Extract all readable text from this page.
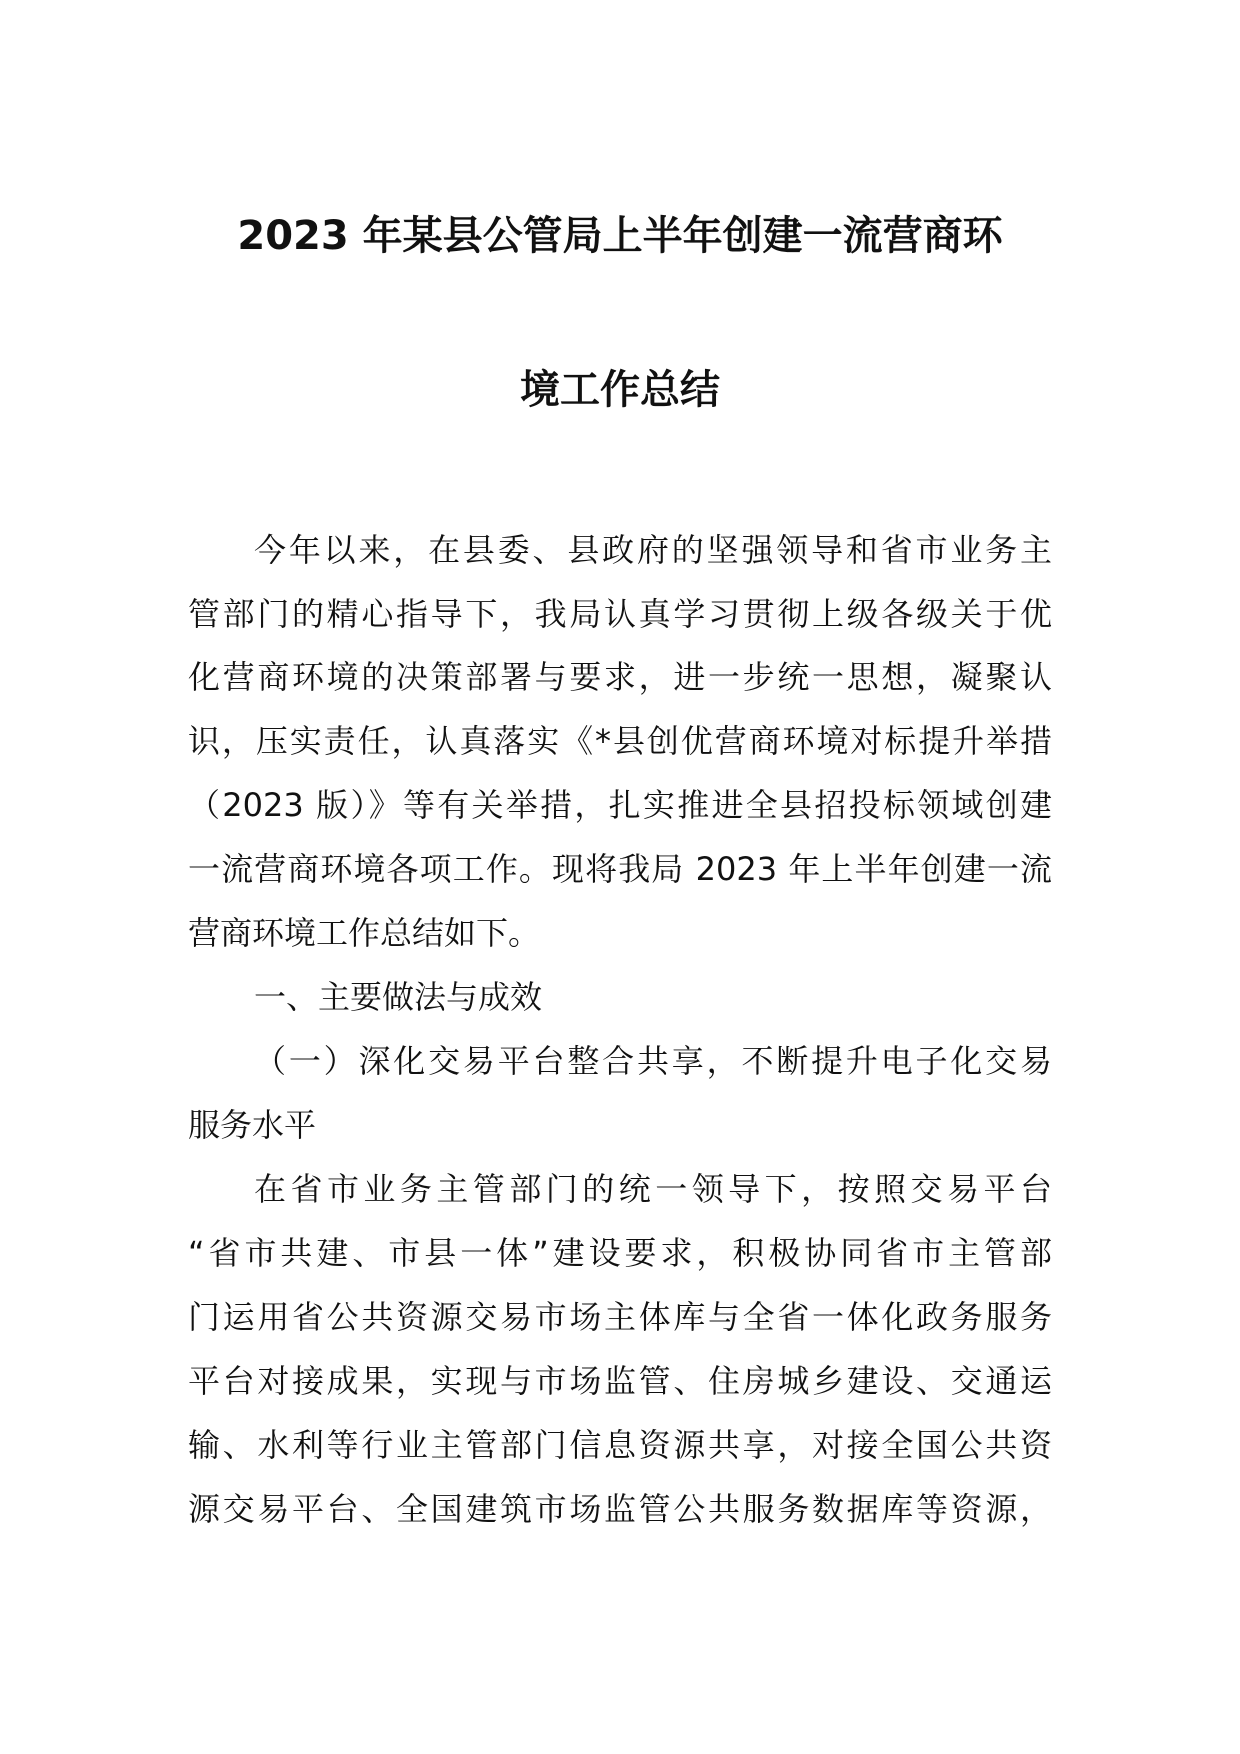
2023 年某县公管局上半年创建一流营商环
境工作总结
今年以来，在县委、县政府的坚强领导和省市业务主
管部门的精心指导下，我局认真学习贯彻上级各级关于优
化营商环境的决策部署与要求，进一步统一思想，凝聚认
识，压实责任，认真落实《*县创优营商环境对标提升举措
（2023 版）》等有关举措，扎实推进全县招投标领域创建
一流营商环境各项工作。现将我局 2023 年上半年创建一流
营商环境工作总结如下。
一、主要做法与成效
（一）深化交易平台整合共享，不断提升电子化交易
服务水平
在省市业务主管部门的统一领导下，按照交易平台
“省市共建、市县一体”建设要求，积极协同省市主管部
门运用省公共资源交易市场主体库与全省一体化政务服务
平台对接成果，实现与市场监管、住房城乡建设、交通运
输、水利等行业主管部门信息资源共享，对接全国公共资
源交易平台、全国建筑市场监管公共服务数据库等资源，
